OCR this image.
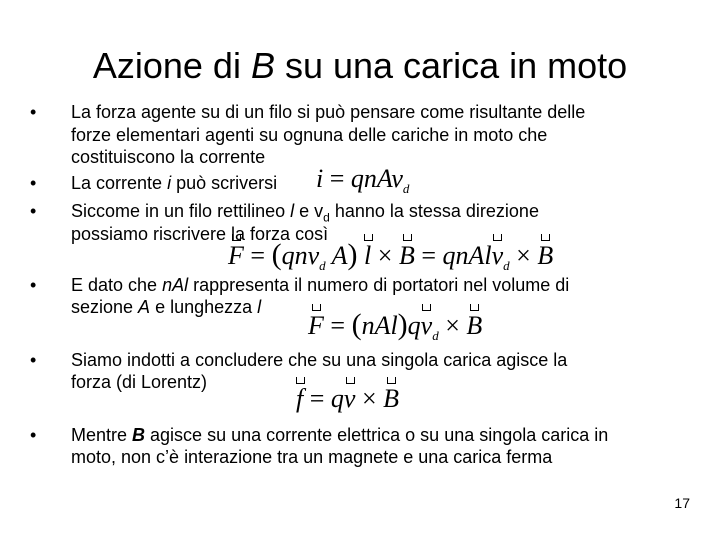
Azione di B su una carica in moto
• La forza agente su di un filo si può pensare come risultante delle
forze elementari agenti su ognuna delle cariche in moto che
costituiscono la corrente
• La corrente i può scriversi i = qnAv$_d$
• Siccome in un filo rettilineo l e $v_d$ hanno la stessa direzione
possiamo riscrivere la forza così
F = (qnv$_d$ A) l × B = qnAlv$_d$ × B
• E dato che nAl rappresenta il numero di portatori nel volume di
sezione A e lunghezza l
$F = (nAl)qv_d \times B$
• Siamo indotti a concludere che su una singola carica agisce la
forza (di Lorentz)
f = qv × B
• Mentre B agisce su una corrente elettrica o su una singola carica in
moto, non c’è interazione tra un magnete e una carica ferma
17
